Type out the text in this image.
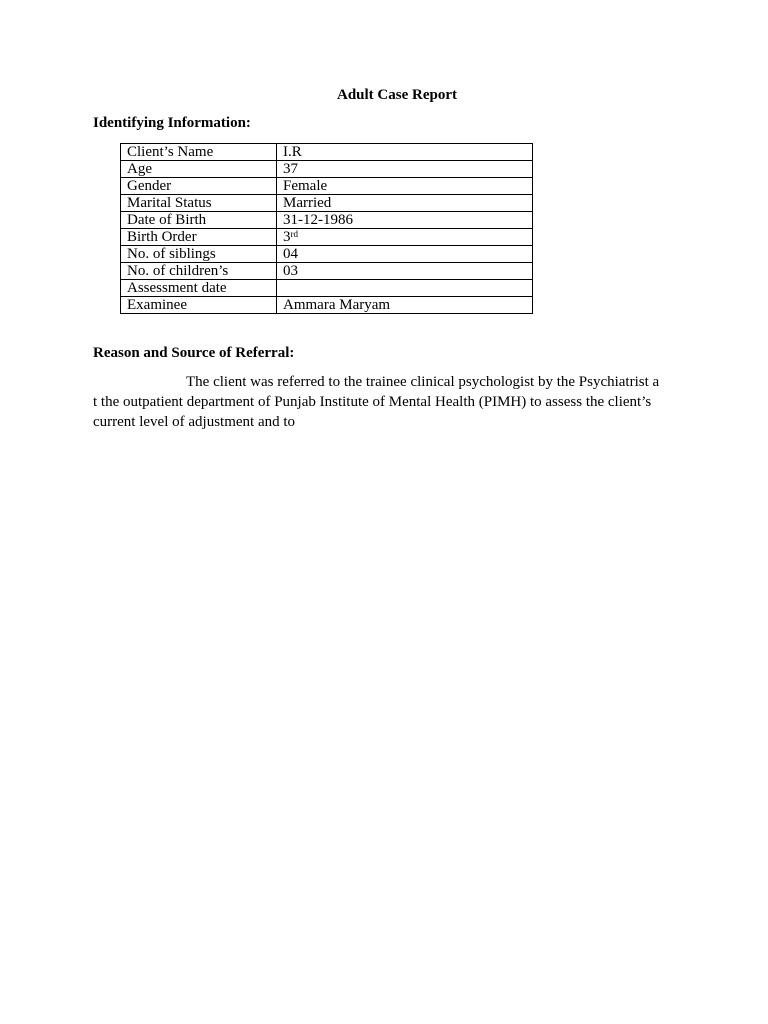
Adult Case Report
Identifying Information:
Client’s Name	I.R
Age	37
Gender	Female
Marital Status	Married
Date of Birth	31-12-1986
Birth Order	3rd
No. of siblings	04
No. of children’s	03
Assessment date	
Examinee	Ammara Maryam
Reason and Source of Referral:
The client was referred to the trainee clinical psychologist by the Psychiatrist a
t the outpatient department of Punjab Institute of Mental Health (PIMH) to assess the client’s
current level of adjustment and to
